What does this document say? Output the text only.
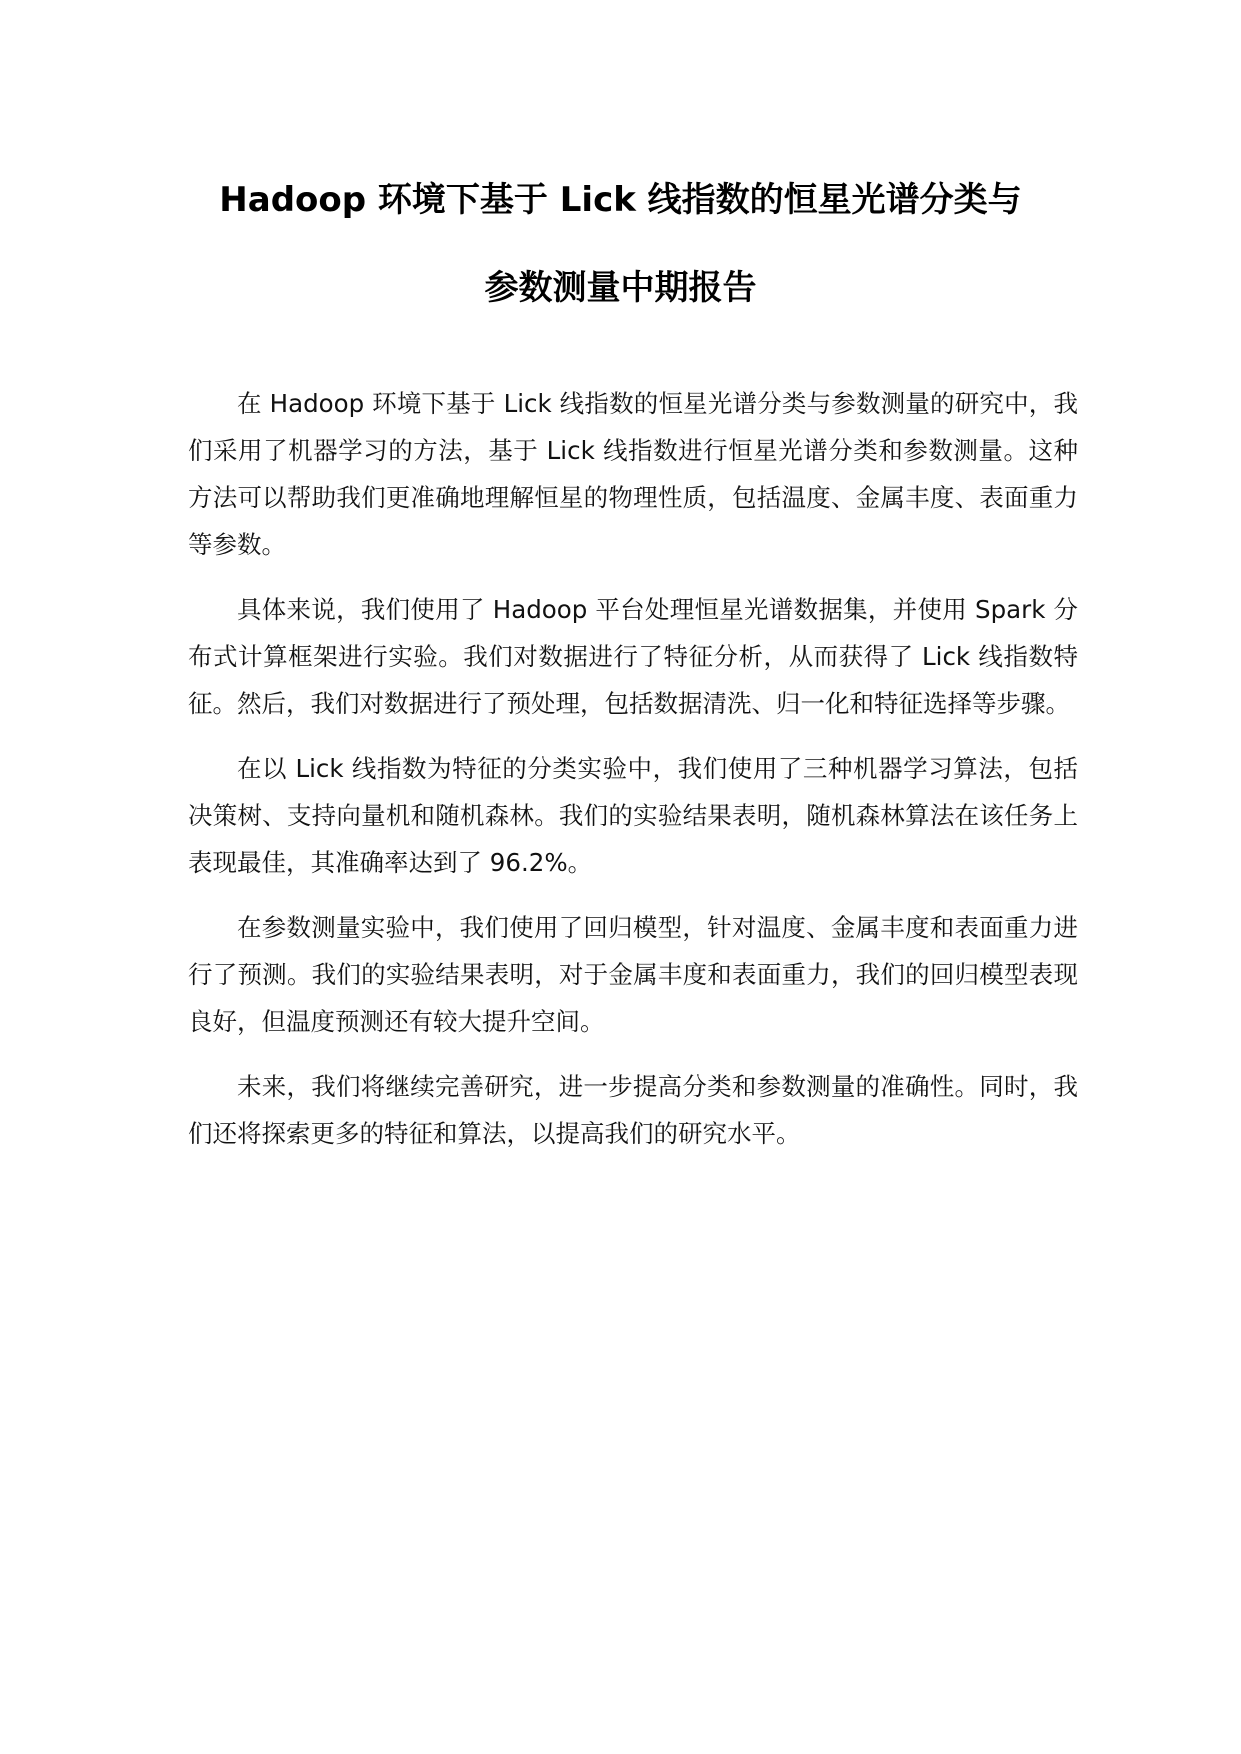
Hadoop 环境下基于 Lick 线指数的恒星光谱分类与
参数测量中期报告

在 Hadoop 环境下基于 Lick 线指数的恒星光谱分类与参数测量的研究中，我们采用了机器学习的方法，基于 Lick 线指数进行恒星光谱分类和参数测量。这种方法可以帮助我们更准确地理解恒星的物理性质，包括温度、金属丰度、表面重力等参数。

具体来说，我们使用了 Hadoop 平台处理恒星光谱数据集，并使用 Spark 分布式计算框架进行实验。我们对数据进行了特征分析，从而获得了 Lick 线指数特征。然后，我们对数据进行了预处理，包括数据清洗、归一化和特征选择等步骤。

在以 Lick 线指数为特征的分类实验中，我们使用了三种机器学习算法，包括决策树、支持向量机和随机森林。我们的实验结果表明，随机森林算法在该任务上表现最佳，其准确率达到了 96.2%。

在参数测量实验中，我们使用了回归模型，针对温度、金属丰度和表面重力进行了预测。我们的实验结果表明，对于金属丰度和表面重力，我们的回归模型表现良好，但温度预测还有较大提升空间。

未来，我们将继续完善研究，进一步提高分类和参数测量的准确性。同时，我们还将探索更多的特征和算法，以提高我们的研究水平。
